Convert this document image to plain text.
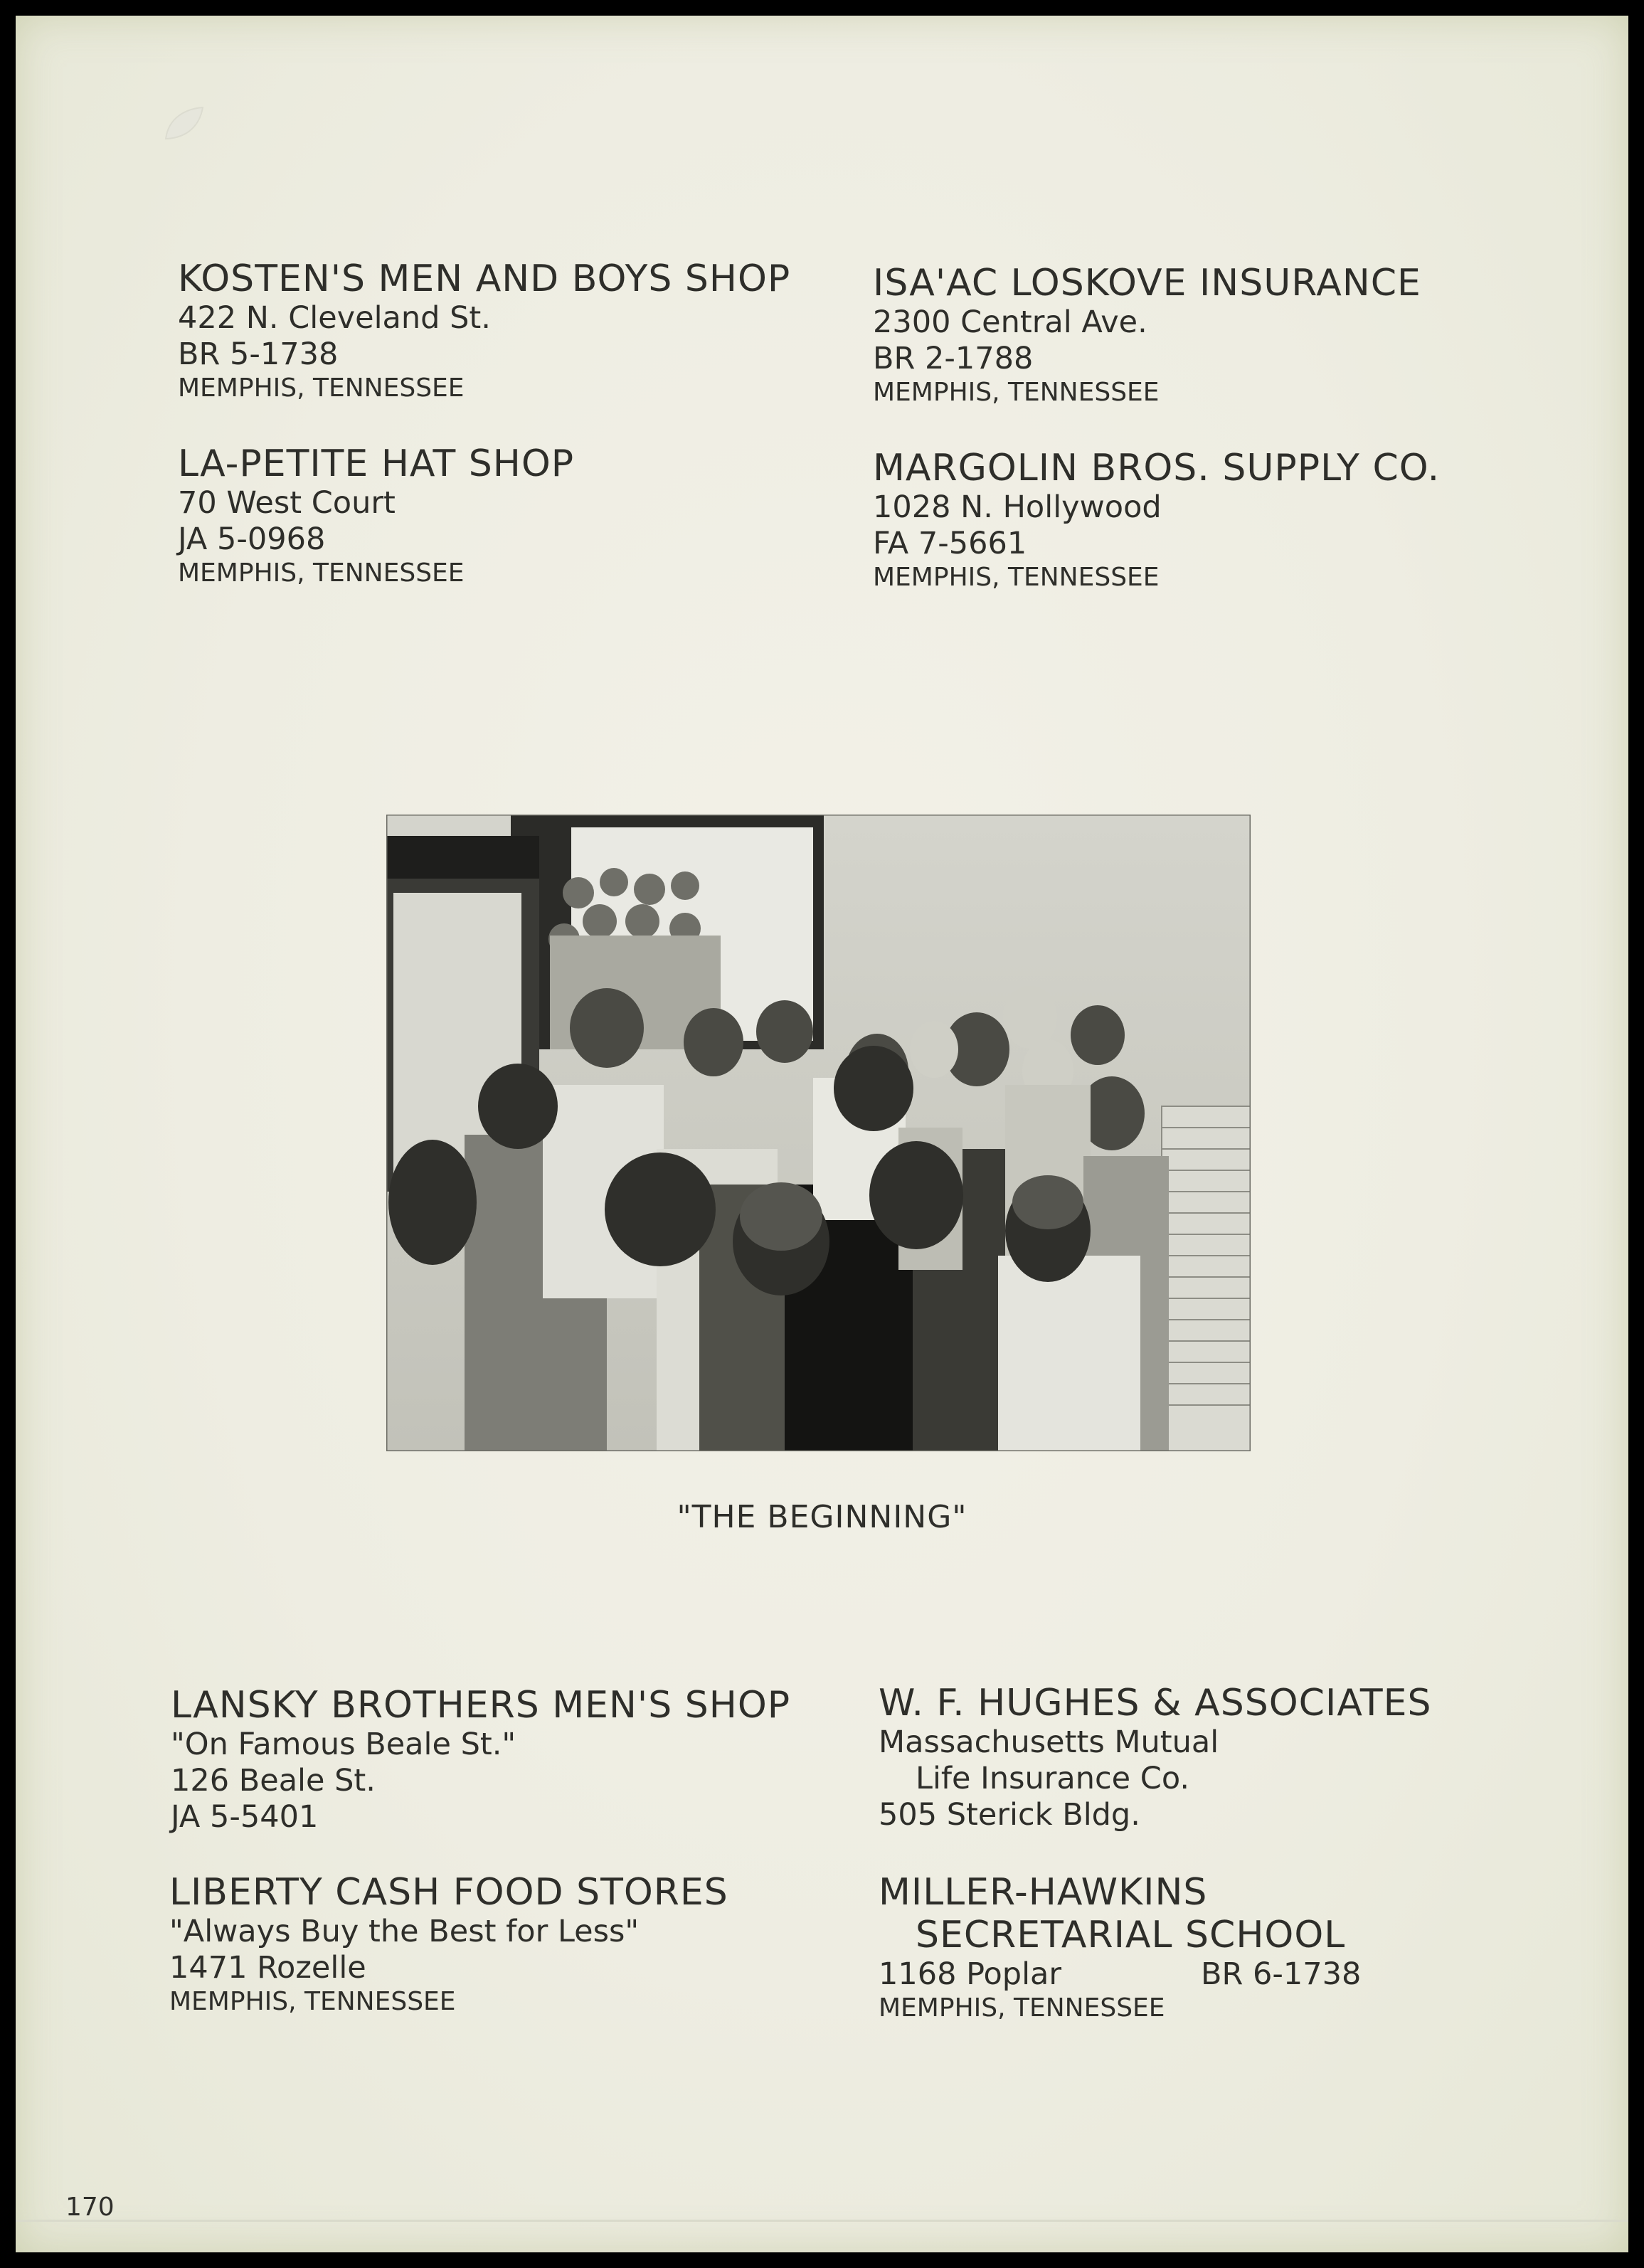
KOSTEN'S MEN AND BOYS SHOP
422 N. Cleveland St.
BR 5-1738
MEMPHIS, TENNESSEE
ISA'AC LOSKOVE INSURANCE
2300 Central Ave.
BR 2-1788
MEMPHIS, TENNESSEE
LA-PETITE HAT SHOP
70 West Court
JA 5-0968
MEMPHIS, TENNESSEE
MARGOLIN BROS. SUPPLY CO.
1028 N. Hollywood
FA 7-5661
MEMPHIS, TENNESSEE
"THE BEGINNING"
LANSKY BROTHERS MEN'S SHOP
"On Famous Beale St."
126 Beale St.
JA 5-5401
W. F. HUGHES & ASSOCIATES
Massachusetts Mutual
Life Insurance Co.
505 Sterick Bldg.
LIBERTY CASH FOOD STORES
"Always Buy the Best for Less"
1471 Rozelle
MEMPHIS, TENNESSEE
MILLER-HAWKINS
SECRETARIAL SCHOOL
1168 Poplar	BR 6-1738
MEMPHIS, TENNESSEE
170
